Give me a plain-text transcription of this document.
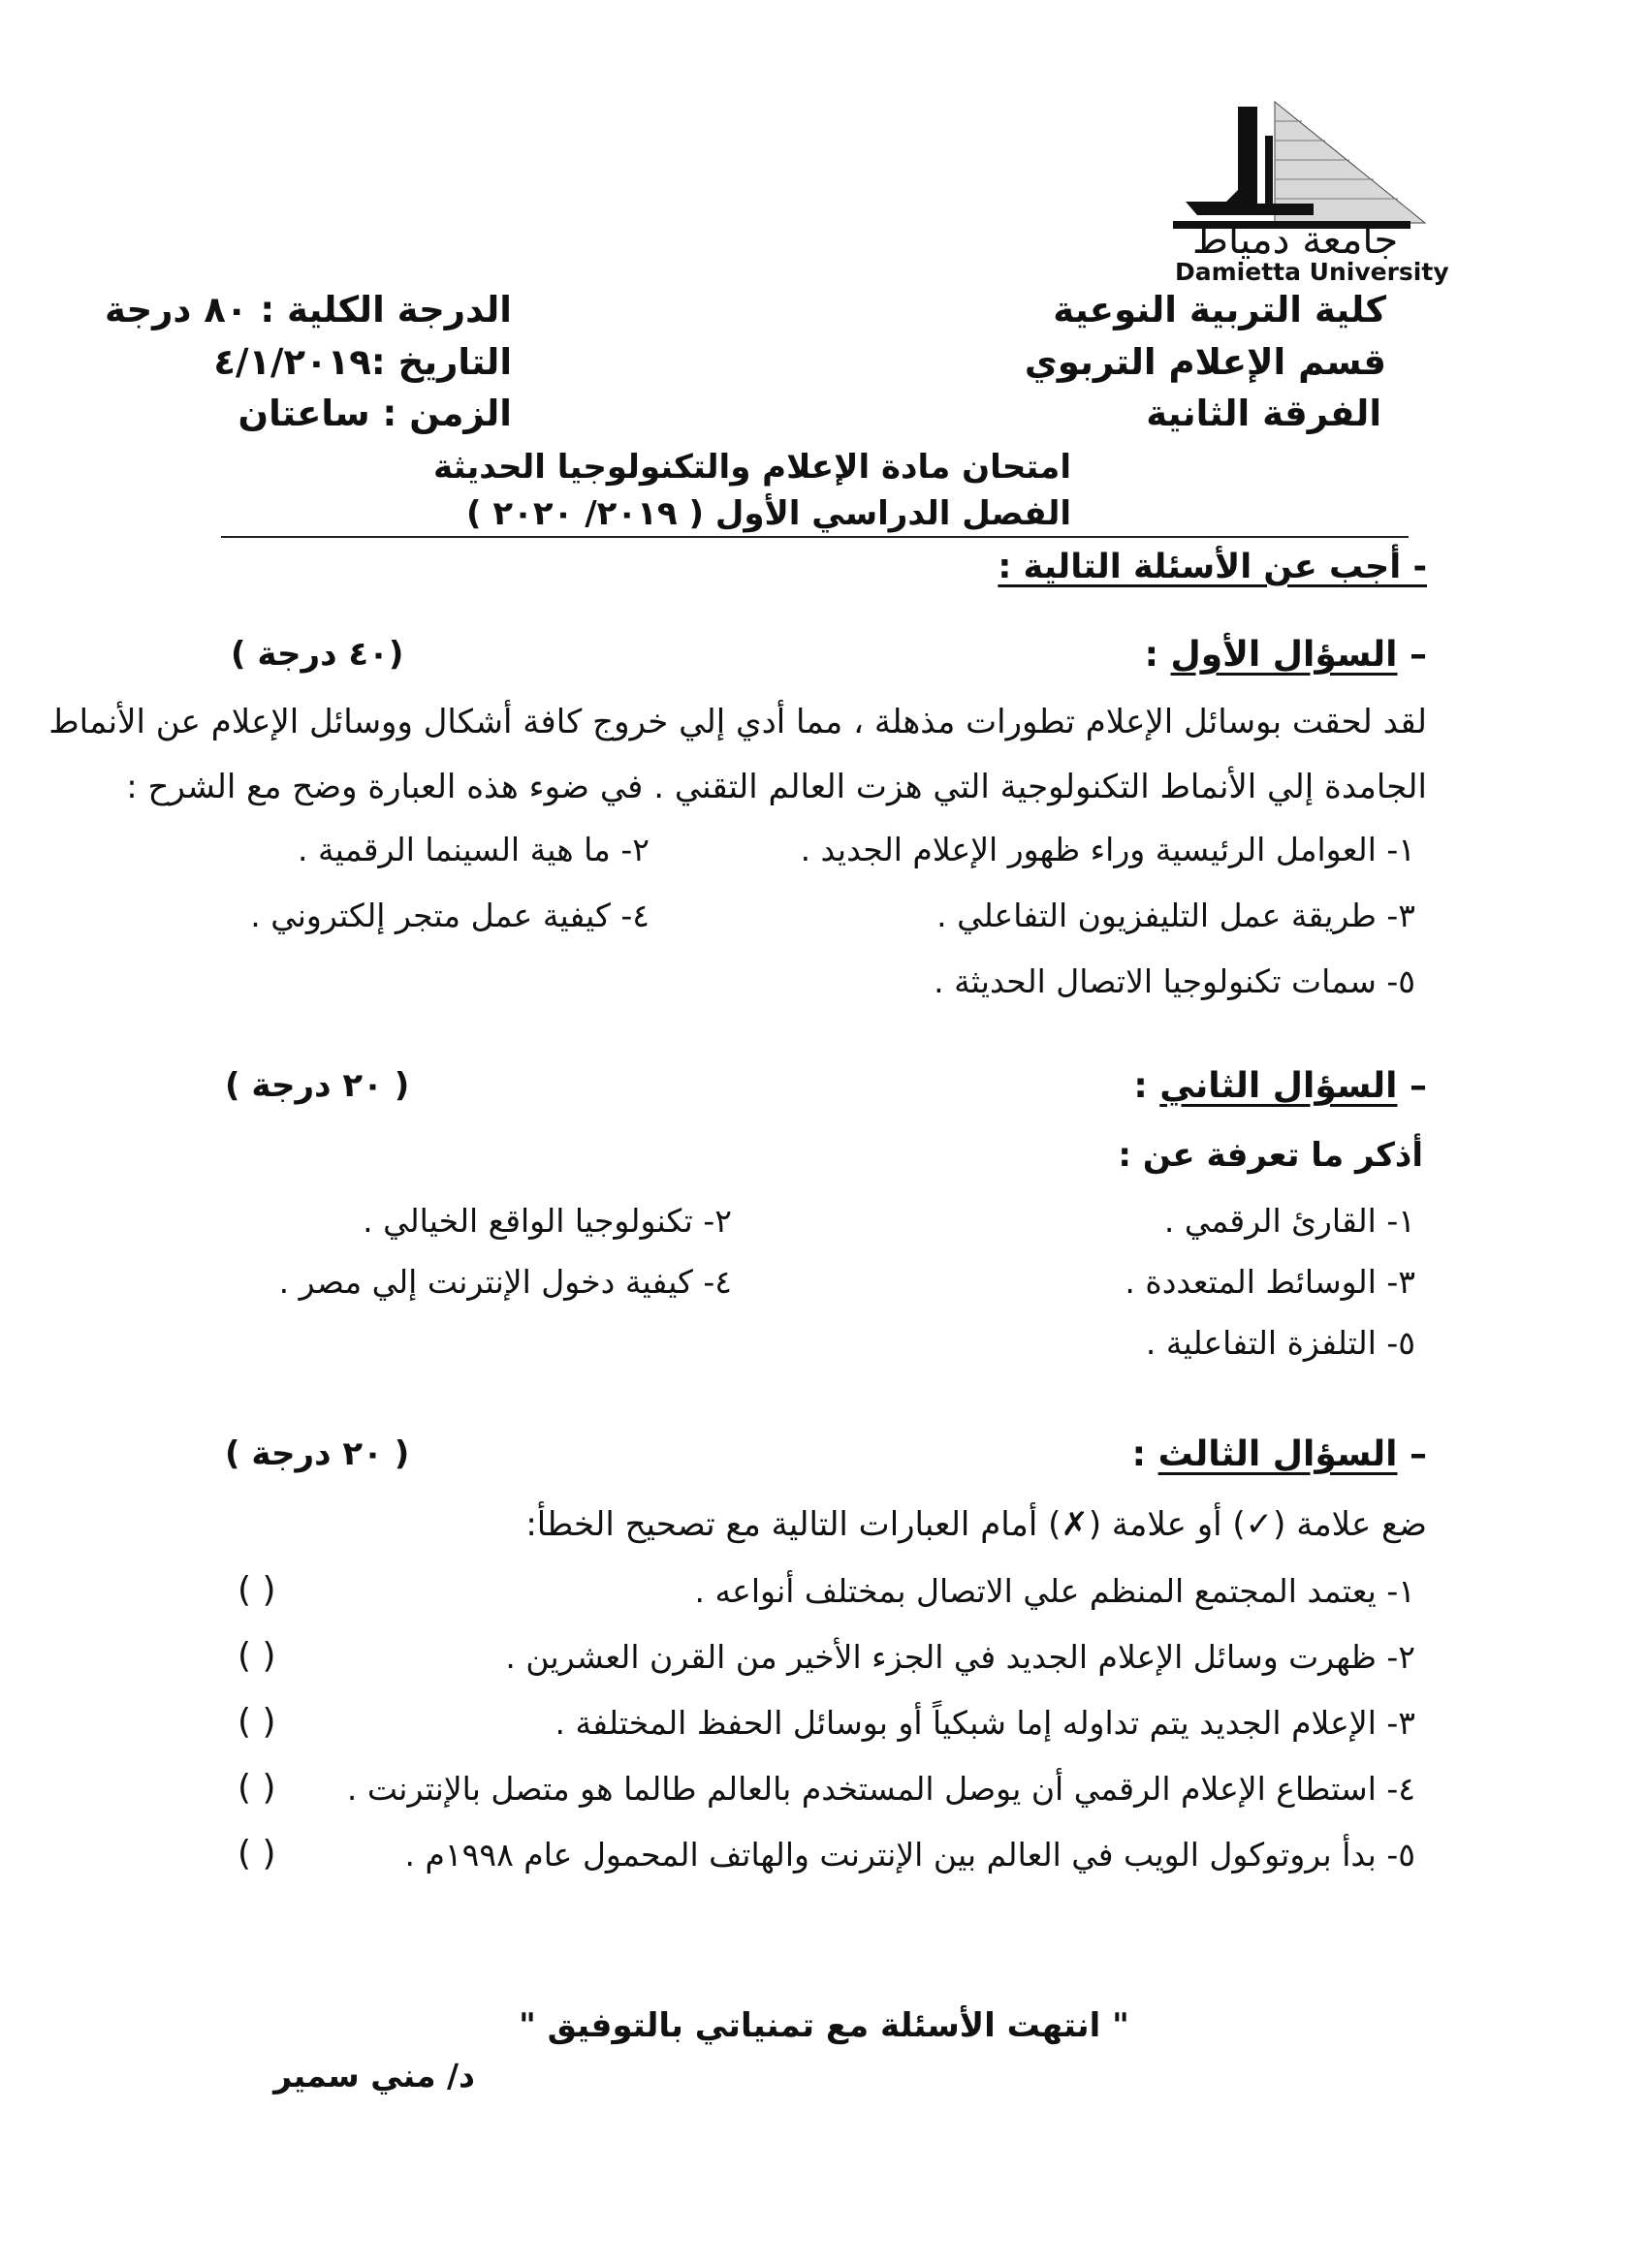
جامعة دمياط
Damietta University
كلية التربية النوعية
قسم الإعلام التربوي
الفرقة الثانية
الدرجة الكلية : ٨٠ درجة
التاريخ :٤/١/٢٠١٩
الزمن : ساعتان
امتحان مادة الإعلام والتكنولوجيا الحديثة
الفصل الدراسي الأول ( ٢٠١٩/ ٢٠٢٠ )
- أجب عن الأسئلة التالية :
– السؤال الأول :
(٤٠ درجة )
لقد لحقت بوسائل الإعلام تطورات مذهلة ، مما أدي إلي خروج كافة أشكال ووسائل الإعلام عن الأنماط
الجامدة إلي الأنماط التكنولوجية التي هزت العالم التقني . في ضوء هذه العبارة وضح مع الشرح :
١- العوامل الرئيسية وراء ظهور الإعلام الجديد .
٢- ما هية السينما الرقمية .
٣- طريقة عمل التليفزيون التفاعلي .
٤- كيفية عمل متجر إلكتروني .
٥- سمات تكنولوجيا الاتصال الحديثة .
– السؤال الثاني :
( ٢٠ درجة )
أذكر ما تعرفة عن :
١- القارئ الرقمي .
٢- تكنولوجيا الواقع الخيالي .
٣- الوسائط المتعددة .
٤- كيفية دخول الإنترنت إلي مصر .
٥- التلفزة التفاعلية .
– السؤال الثالث :
( ٢٠ درجة )
ضع علامة (✓) أو علامة (✗) أمام العبارات التالية مع تصحيح الخطأ:
١- يعتمد المجتمع المنظم علي الاتصال بمختلف أنواعه .
٢- ظهرت وسائل الإعلام الجديد في الجزء الأخير من القرن العشرين .
٣- الإعلام الجديد يتم تداوله إما شبكياً أو بوسائل الحفظ المختلفة .
٤- استطاع الإعلام الرقمي أن يوصل المستخدم بالعالم طالما هو متصل بالإنترنت .
٥- بدأ بروتوكول الويب في العالم بين الإنترنت والهاتف المحمول عام ١٩٩٨م .
( )
( )
( )
( )
( )
" انتهت الأسئلة مع تمنياتي بالتوفيق "
د/ مني سمير
